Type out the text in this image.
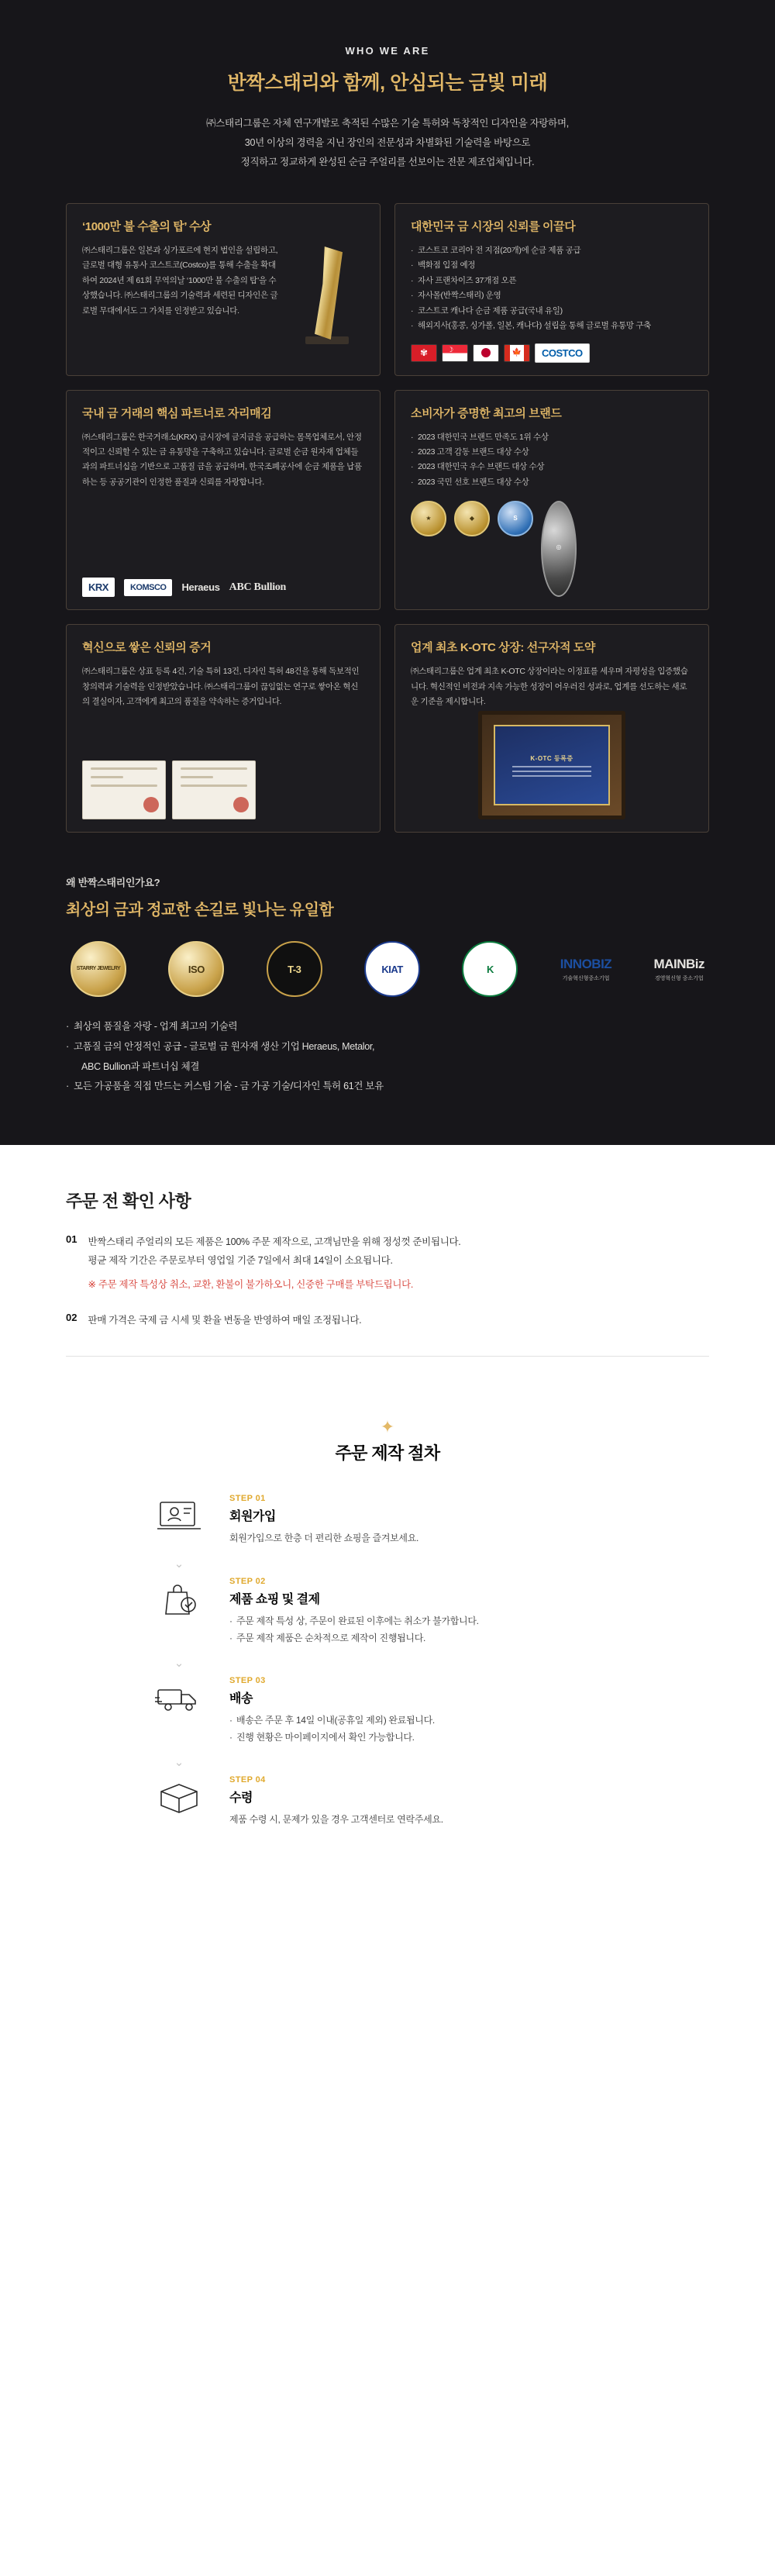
WHO WE ARE
반짝스태리와 함께, 안심되는 금빛 미래
㈜스태리그룹은 자체 연구개발로 축적된 수많은 기술 특허와 독창적인 디자인을 자랑하며,
30년 이상의 경력을 지닌 장인의 전문성과 차별화된 기술력을 바탕으로
정직하고 정교하게 완성된 순금 주얼리를 선보이는 전문 제조업체입니다.
‘1000만 불 수출의 탑’ 수상

㈜스태리그룹은 일본과 싱가포르에 현지 법인을 설립하고, 글로벌 대형 유통사 코스트코(Costco)를 통해 수출을 확대하여 2024년 제 61회 무역의날 ‘1000만 불 수출의 탑’을 수상했습니다. ㈜스태리그룹의 기술력과 세련된 디자인은 글로벌 무대에서도 그 가치를 인정받고 있습니다.

대한민국 금 시장의 신뢰를 이끌다
· 코스트코 코리아 전 지점(20개)에 순금 제품 공급
· 백화점 입점 예정
· 자사 프랜차이즈 37개점 오픈
· 자사몰(반짝스태리) 운영
· 코스트코 캐나다 순금 제품 공급(국내 유일)
· 해외지사(홍콩, 싱가폴, 일본, 캐나다) 설립을 통해 글로벌 유통망 구축
✾
☽
🍁
COSTCO
국내 금 거래의 핵심 파트너로 자리매김

㈜스태리그룹은 한국거래소(KRX) 금시장에 금지금을 공급하는 몸목업체로서, 안정적이고 신뢰할 수 있는 금 유통망을 구축하고 있습니다. 글로벌 순금 원자재 업체들과의 파트너십을 기반으로 고품질 금을 공급하며, 한국조폐공사에 순금 제품을 납품하는 등 공공기관이 인정한 품질과 신뢰를 자랑합니다.

KRX	KOMSCO	Heraeus ABC Bullion
소비자가 증명한 최고의 브랜드
· 2023 대한민국 브랜드 만족도 1위 수상
· 2023 고객 감동 브랜드 대상 수상
· 2023 대한민국 우수 브랜드 대상 수상
· 2023 국민 선호 브랜드 대상 수상
★	◆	S
◎
혁신으로 쌓은 신뢰의 증거

㈜스태리그룹은 상표 등록 4건, 기술 특허 13건, 디자인 특허 48건을 통해 독보적인 창의력과 기술력을 인정받았습니다. ㈜스태리그룹이 끊임없는 연구로 쌓아온 혁신의 결실이자, 고객에게 최고의 품질을 약속하는 증거입니다.

업계 최초 K-OTC 상장: 선구자적 도약

㈜스태리그룹은 업계 최초 K-OTC 상장이라는 이정표를 세우며 자평성을 입증했습니다. 혁신적인 비전과 지속 가능한 성장이 어우러진 성과로, 업계를 선도하는 새로운 기준을 제시합니다.

K-OTC 등록증
왜 반짝스태리인가요?
최상의 금과 정교한 손길로 빛나는 유일함
STARRY JEWELRY	ISO	T-3	KIAT	K	INNOBIZ
기술혁신형중소기업
MAINBiz
경영혁신형 중소기업
· 최상의 품질을 자랑 - 업계 최고의 기술력
· 고품질 금의 안정적인 공급 - 글로벌 금 원자재 생산 기업 Heraeus, Metalor,
ABC Bullion과 파트너십 체결
· 모든 가공품을 직접 만드는 커스텀 기술 - 금 가공 기술/디자인 특허 61건 보유
주문 전 확인 사항
01 반짝스태리 주얼리의 모든 제품은 100% 주문 제작으로, 고객님만을 위해 정성껏 준비됩니다.
평균 제작 기간은 주문로부터 영업일 기준 7일에서 최대 14일이 소요됩니다.
※ 주문 제작 특성상 취소, 교환, 환불이 불가하오니, 신중한 구매를 부탁드립니다.
02 판매 가격은 국제 금 시세 및 환율 변동을 반영하여 매일 조정됩니다.
✦
주문 제작 절차
STEP 01
회원가입
회원가입으로 한층 더 편리한 쇼핑을 즐겨보세요.
⌄
STEP 02
제품 쇼핑 및 결제
· 주문 제작 특성 상, 주문이 완료된 이후에는 취소가 불가합니다.
· 주문 제작 제품은 순차적으로 제작이 진행됩니다.
⌄
STEP 03
배송
· 배송은 주문 후 14일 이내(공휴일 제외) 완료됩니다.
· 진행 현황은 마이페이지에서 확인 가능합니다.
⌄
STEP 04
수령
제품 수령 시, 문제가 있을 경우 고객센터로 연락주세요.
